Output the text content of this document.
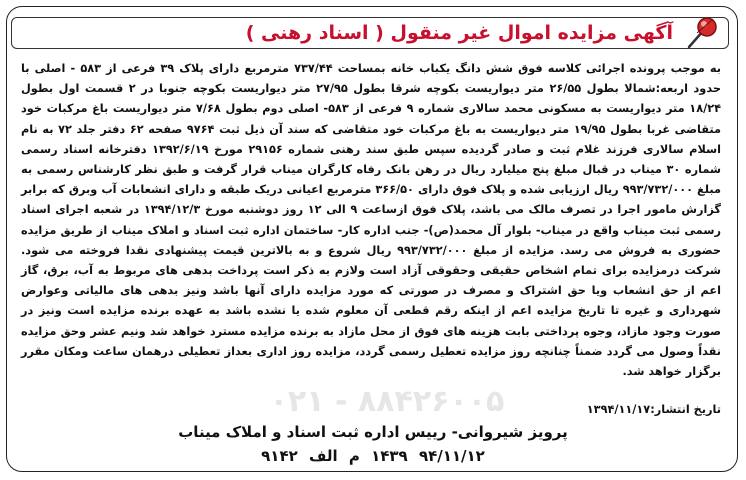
آگهی مزایده اموال غیر منقول ( اسناد رهنی )
۰۲۱ - ۸۸۴۲۶۰۰۵
به موجب پرونده اجرائی کلاسه فوق شش دانگ یکباب خانه بمساحت ۷۳۷/۴۴ مترمربع دارای پلاک ۳۹ فرعی از ۵۸۳ - اصلی با حدود اربعه:شمالا بطول ۲۶/۵۵ متر دیواریست بکوچه شرقا بطول ۲۷/۹۵ متر دیواریست بکوچه جنوبا در ۲ قسمت اول بطول ۱۸/۲۴ متر دیواریست به مسکونی محمد سالاری شماره ۹ فرعی از ۵۸۳- اصلی دوم بطول ۷/۶۸ متر دیواریست باغ مرکبات خود متقاضی غربا بطول ۱۹/۹۵ متر دیواریست به باغ مرکبات خود متقاضی که سند آن ذیل ثبت ۹۷۶۴ صفحه ۶۲ دفتر جلد ۷۲ به نام اسلام سالاری فرزند غلام ثبت و صادر گردیده سپس طبق سند رهنی شماره ۲۹۱۵۶ مورخ ۱۳۹۲/۶/۱۹ دفترخانه اسناد رسمی شماره ۳۰ میناب در قبال مبلغ پنج میلیارد ریال در رهن بانک رفاه کارگران میناب قرار گرفت و طبق نظر کارشناس رسمی به مبلغ ۹۹۳/۷۳۲/۰۰۰ ریال ارزیابی شده و پلاک فوق دارای ۳۶۶/۵۰ مترمربع اعیانی دریک طبقه و دارای انشعابات آب وبرق که برابر گزارش مامور اجرا در تصرف مالک می باشد، پلاک فوق ازساعت ۹ الی ۱۲ روز دوشنبه مورخ ۱۳۹۴/۱۲/۳ در شعبه اجرای اسناد رسمی ثبت میناب واقع در میناب- بلوار آل محمد(ص)- جنب اداره کار- ساختمان اداره ثبت اسناد و املاک میناب از طریق مزایده حضوری به فروش می رسد. مزایده از مبلغ ۹۹۳/۷۳۲/۰۰۰ ریال شروع و به بالاترین قیمت پیشنهادی نقدا فروخته می شود. شرکت درمزایده برای تمام اشخاص حقیقی وحقوقی آزاد است ولازم به ذکر است پرداخت بدهی های مربوط به آب، برق، گاز اعم از حق انشعاب ویا حق اشتراک و مصرف در صورتی که مورد مزایده دارای آنها باشد ونیز بدهی های مالیاتی وعوارض شهرداری و غیره تا تاریخ مزایده اعم از اینکه رقم قطعی آن معلوم شده یا نشده باشد به عهده برنده مزایده است ونیز در صورت وجود مازاد، وجوه پرداختی بابت هزینه های فوق از محل مازاد به برنده مزایده مسترد خواهد شد ونیم عشر وحق مزایده نقداً وصول می گردد ضمناً چنانچه روز مزایده تعطیل رسمی گردد، مزایده روز اداری بعداز تعطیلی درهمان ساعت ومکان مقرر برگزار خواهد شد.
تاریخ انتشار:۱۳۹۴/۱۱/۱۷
پرویز شیروانی- رییس اداره ثبت اسناد و املاک میناب
۹۴/۱۱/۱۲ ۱۴۳۹ م الف ۹۱۴۲
